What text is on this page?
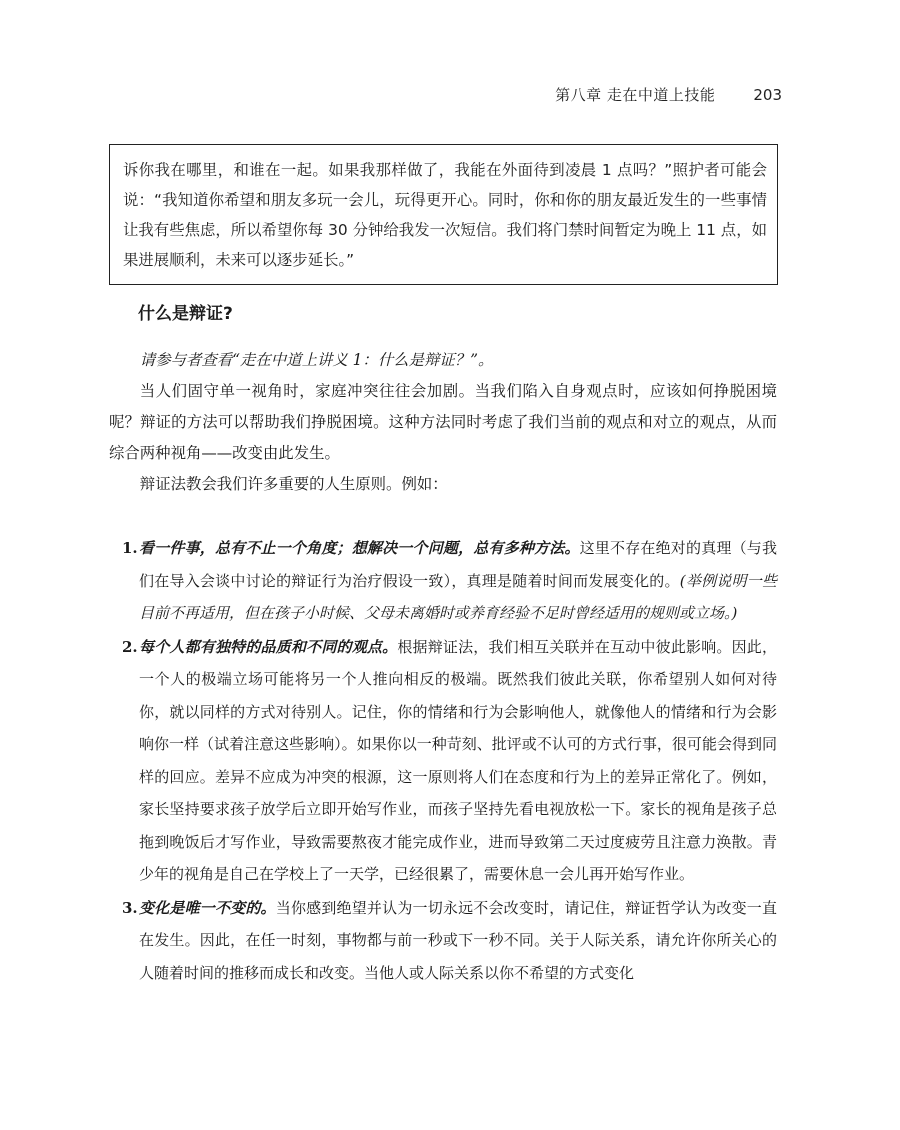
第八章 走在中道上技能	203

诉你我在哪里，和谁在一起。如果我那样做了，我能在外面待到凌晨 1 点吗？”照护者可能会说：“我知道你希望和朋友多玩一会儿，玩得更开心。同时，你和你的朋友最近发生的一些事情让我有些焦虑，所以希望你每 30 分钟给我发一次短信。我们将门禁时间暂定为晚上 11 点，如果进展顺利，未来可以逐步延长。”

什么是辩证?

请参与者查看“走在中道上讲义 1：什么是辩证？”。

当人们固守单一视角时，家庭冲突往往会加剧。当我们陷入自身观点时，应该如何挣脱困境呢？辩证的方法可以帮助我们挣脱困境。这种方法同时考虑了我们当前的观点和对立的观点，从而综合两种视角——改变由此发生。

辩证法教会我们许多重要的人生原则。例如：

1. 看一件事，总有不止一个角度；想解决一个问题，总有多种方法。这里不存在绝对的真理（与我们在导入会谈中讨论的辩证行为治疗假设一致），真理是随着时间而发展变化的。(举例说明一些目前不再适用，但在孩子小时候、父母未离婚时或养育经验不足时曾经适用的规则或立场。)
2. 每个人都有独特的品质和不同的观点。根据辩证法，我们相互关联并在互动中彼此影响。因此，一个人的极端立场可能将另一个人推向相反的极端。既然我们彼此关联，你希望别人如何对待你，就以同样的方式对待别人。记住，你的情绪和行为会影响他人，就像他人的情绪和行为会影响你一样（试着注意这些影响）。如果你以一种苛刻、批评或不认可的方式行事，很可能会得到同样的回应。差异不应成为冲突的根源，这一原则将人们在态度和行为上的差异正常化了。例如，家长坚持要求孩子放学后立即开始写作业，而孩子坚持先看电视放松一下。家长的视角是孩子总拖到晚饭后才写作业，导致需要熬夜才能完成作业，进而导致第二天过度疲劳且注意力涣散。青少年的视角是自己在学校上了一天学，已经很累了，需要休息一会儿再开始写作业。
3. 变化是唯一不变的。当你感到绝望并认为一切永远不会改变时，请记住，辩证哲学认为改变一直在发生。因此，在任一时刻，事物都与前一秒或下一秒不同。关于人际关系，请允许你所关心的人随着时间的推移而成长和改变。当他人或人际关系以你不希望的方式变化
